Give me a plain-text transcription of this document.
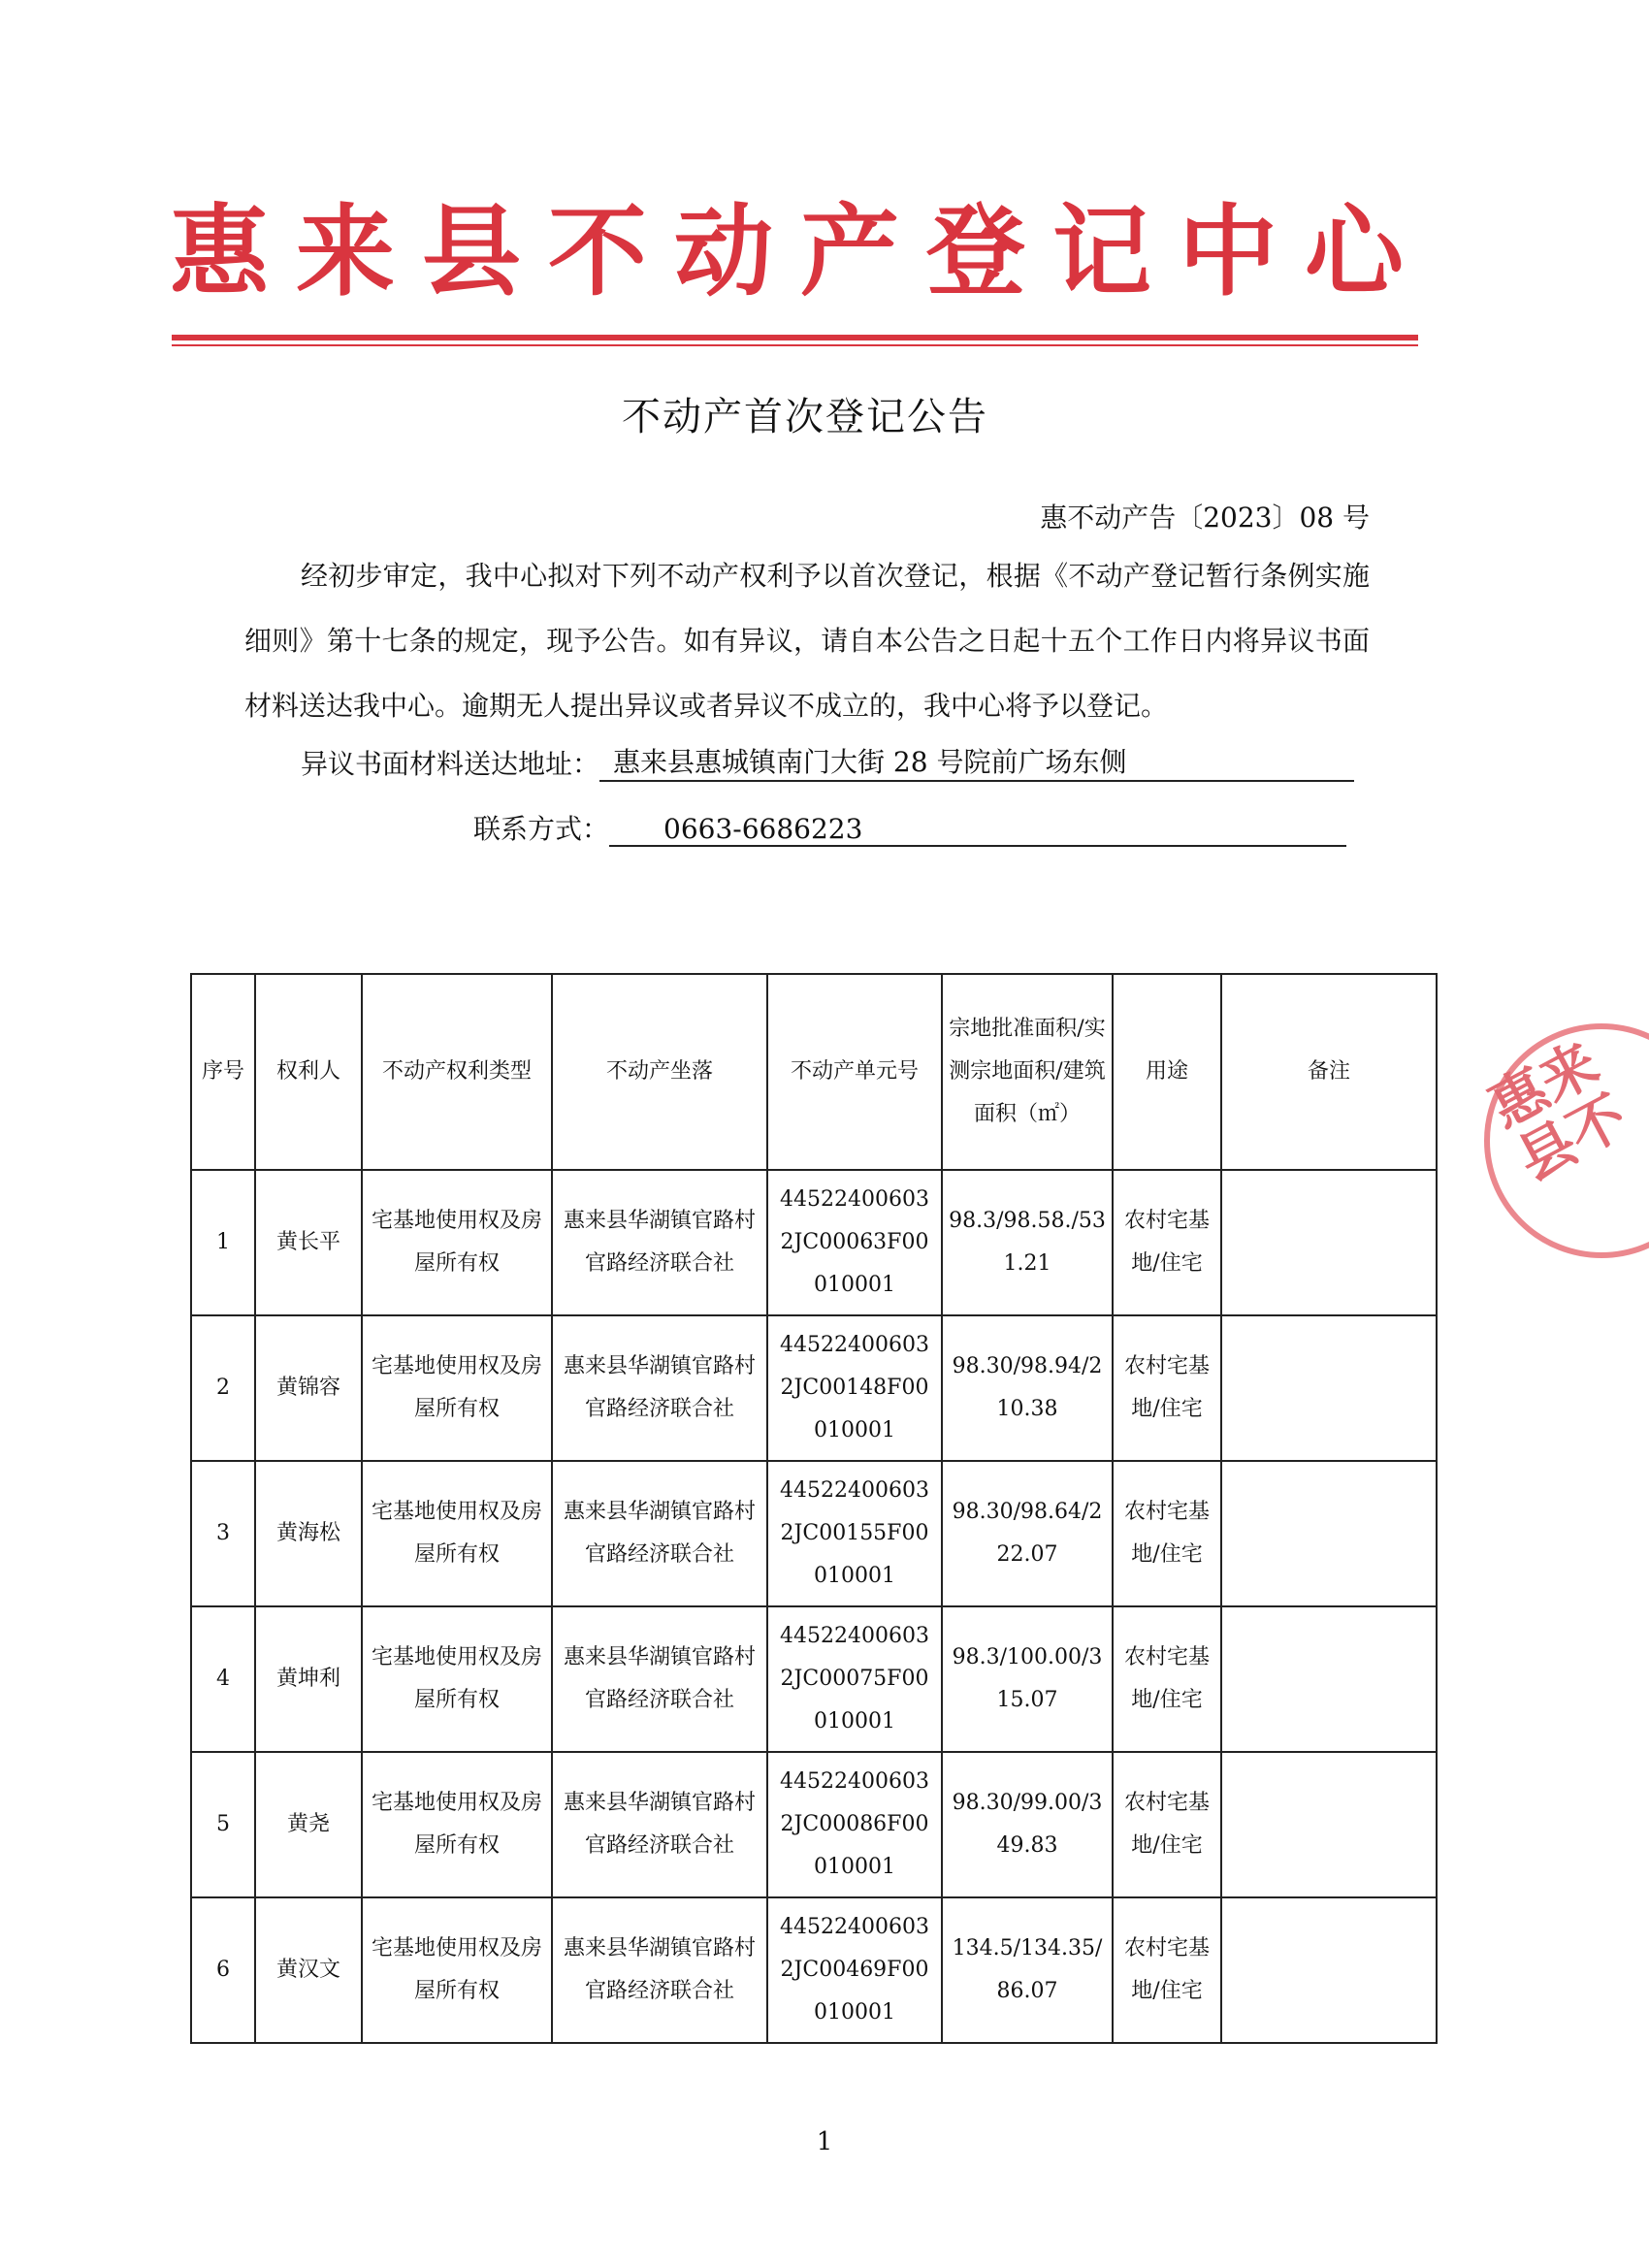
惠来县不动产登记中心
不动产首次登记公告
惠不动产告〔2023〕08 号
经初步审定，我中心拟对下列不动产权利予以首次登记，根据《不动产登记暂行条例实施细则》第十七条的规定，现予公告。如有异议，请自本公告之日起十五个工作日内将异议书面材料送达我中心。逾期无人提出异议或者异议不成立的，我中心将予以登记。
异议书面材料送达地址： 惠来县惠城镇南门大街 28 号院前广场东侧
联系方式：	0663-6686223
序号	权利人	不动产权利类型	不动产坐落	不动产单元号	宗地批准面积/实测宗地面积/建筑面积（㎡）	用途	备注
1	黄长平	宅基地使用权及房屋所有权	惠来县华湖镇官路村官路经济联合社	445224006032JC00063F00010001	98.3/98.58./531.21	农村宅基地/住宅	
2	黄锦容	宅基地使用权及房屋所有权	惠来县华湖镇官路村官路经济联合社	445224006032JC00148F00010001	98.30/98.94/210.38	农村宅基地/住宅	
3	黄海松	宅基地使用权及房屋所有权	惠来县华湖镇官路村官路经济联合社	445224006032JC00155F00010001	98.30/98.64/222.07	农村宅基地/住宅	
4	黄坤利	宅基地使用权及房屋所有权	惠来县华湖镇官路村官路经济联合社	445224006032JC00075F00010001	98.3/100.00/315.07	农村宅基地/住宅	
5	黄尧	宅基地使用权及房屋所有权	惠来县华湖镇官路村官路经济联合社	445224006032JC00086F00010001	98.30/99.00/349.83	农村宅基地/住宅	
6	黄汉文	宅基地使用权及房屋所有权	惠来县华湖镇官路村官路经济联合社	445224006032JC00469F00010001	134.5/134.35/86.07	农村宅基地/住宅	
惠来县不
1
